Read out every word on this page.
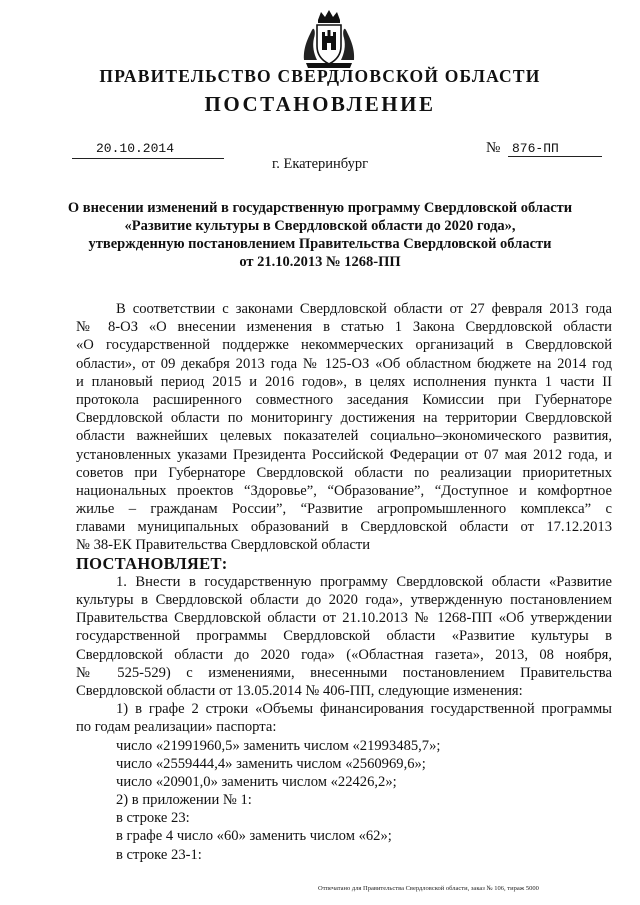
ПРАВИТЕЛЬСТВО СВЕРДЛОВСКОЙ ОБЛАСТИ
ПОСТАНОВЛЕНИЕ
20.10.2014	№ 876-ПП
г. Екатеринбург
О внесении изменений в государственную программу Свердловской области
«Развитие культуры в Свердловской области до 2020 года»,
утвержденную постановлением Правительства Свердловской области
от 21.10.2013 № 1268-ПП
В соответствии с законами Свердловской области от 27 февраля 2013 года
№ 8-ОЗ «О внесении изменения в статью 1 Закона Свердловской области
«О государственной поддержке некоммерческих организаций в Свердловской
области», от 09 декабря 2013 года № 125-ОЗ «Об областном бюджете на 2014 год
и плановый период 2015 и 2016 годов», в целях исполнения пункта 1 части II
протокола расширенного совместного заседания Комиссии при Губернаторе
Свердловской области по мониторингу достижения на территории Свердловской
области важнейших целевых показателей социально–экономического развития,
установленных указами Президента Российской Федерации от 07 мая 2012 года, и
советов при Губернаторе Свердловской области по реализации приоритетных
национальных проектов “Здоровье”, “Образование”, “Доступное и комфортное
жилье – гражданам России”, “Развитие агропромышленного комплекса” с
главами муниципальных образований в Свердловской области от 17.12.2013
№ 38-ЕК Правительства Свердловской области
ПОСТАНОВЛЯЕТ:
1. Внести в государственную программу Свердловской области «Развитие
культуры в Свердловской области до 2020 года», утвержденную постановлением
Правительства Свердловской области от 21.10.2013 № 1268-ПП «Об утверждении
государственной программы Свердловской области «Развитие культуры в
Свердловской области до 2020 года» («Областная газета», 2013, 08 ноября,
№ 525-529) с изменениями, внесенными постановлением Правительства
Свердловской области от 13.05.2014 № 406-ПП, следующие изменения:
1) в графе 2 строки «Объемы финансирования государственной программы
по годам реализации» паспорта:
число «21991960,5» заменить числом «21993485,7»;
число «2559444,4» заменить числом «2560969,6»;
число «20901,0» заменить числом «22426,2»;
2) в приложении № 1:
в строке 23:
в графе 4 число «60» заменить числом «62»;
в строке 23-1:
Отпечатано для Правительства Свердловской области, заказ № 106, тираж 5000
